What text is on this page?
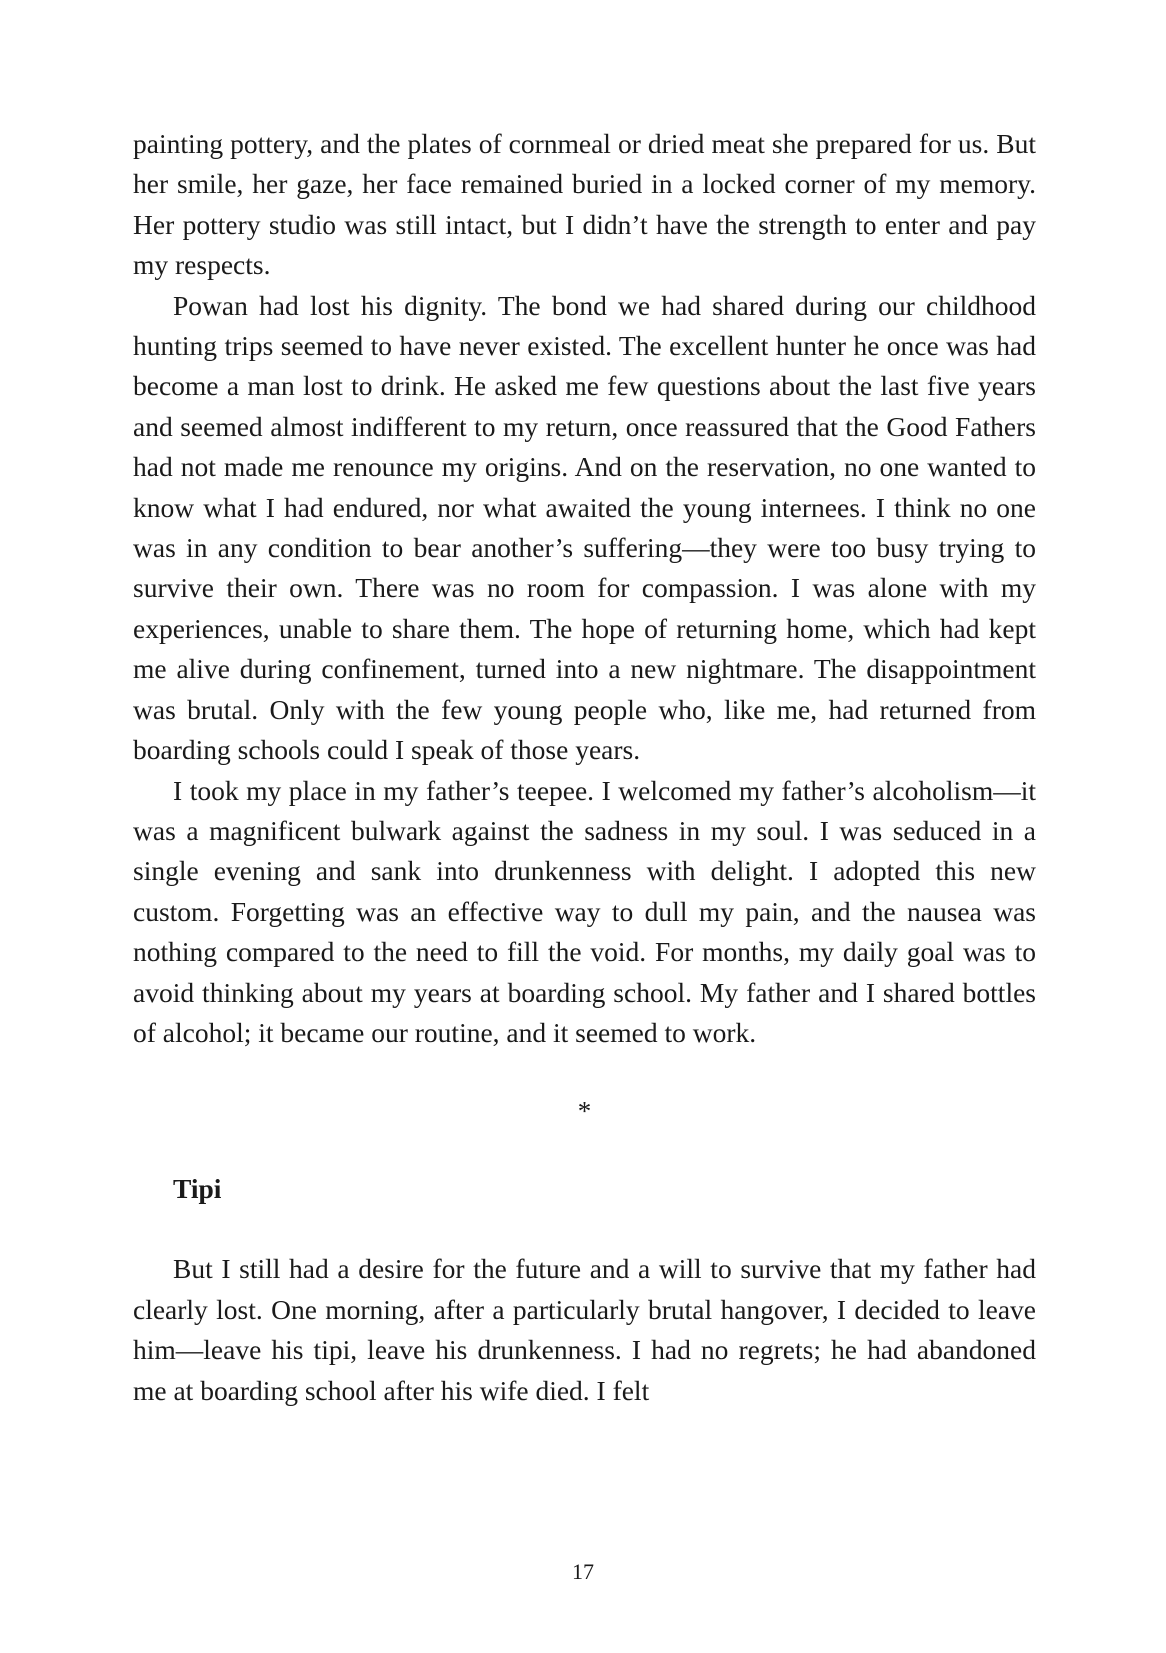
painting pottery, and the plates of cornmeal or dried meat she prepared for us. But her smile, her gaze, her face remained buried in a locked corner of my memory. Her pottery studio was still intact, but I didn’t have the strength to enter and pay my respects.

Powan had lost his dignity. The bond we had shared during our childhood hunting trips seemed to have never existed. The excellent hunter he once was had become a man lost to drink. He asked me few questions about the last five years and seemed almost indifferent to my return, once reassured that the Good Fathers had not made me renounce my origins. And on the reservation, no one wanted to know what I had endured, nor what awaited the young internees. I think no one was in any condition to bear another’s suffering—they were too busy trying to survive their own. There was no room for compassion. I was alone with my experiences, unable to share them. The hope of returning home, which had kept me alive during confinement, turned into a new nightmare. The disappointment was brutal. Only with the few young people who, like me, had returned from boarding schools could I speak of those years.

I took my place in my father’s teepee. I welcomed my father’s alcoholism—it was a magnificent bulwark against the sadness in my soul. I was seduced in a single evening and sank into drunkenness with delight. I adopted this new custom. Forgetting was an effective way to dull my pain, and the nausea was nothing compared to the need to fill the void. For months, my daily goal was to avoid thinking about my years at boarding school. My father and I shared bottles of alcohol; it became our routine, and it seemed to work.

*
Tipi

But I still had a desire for the future and a will to survive that my father had clearly lost. One morning, after a particularly brutal hangover, I decided to leave him—leave his tipi, leave his drunkenness. I had no regrets; he had abandoned me at boarding school after his wife died. I felt

17
